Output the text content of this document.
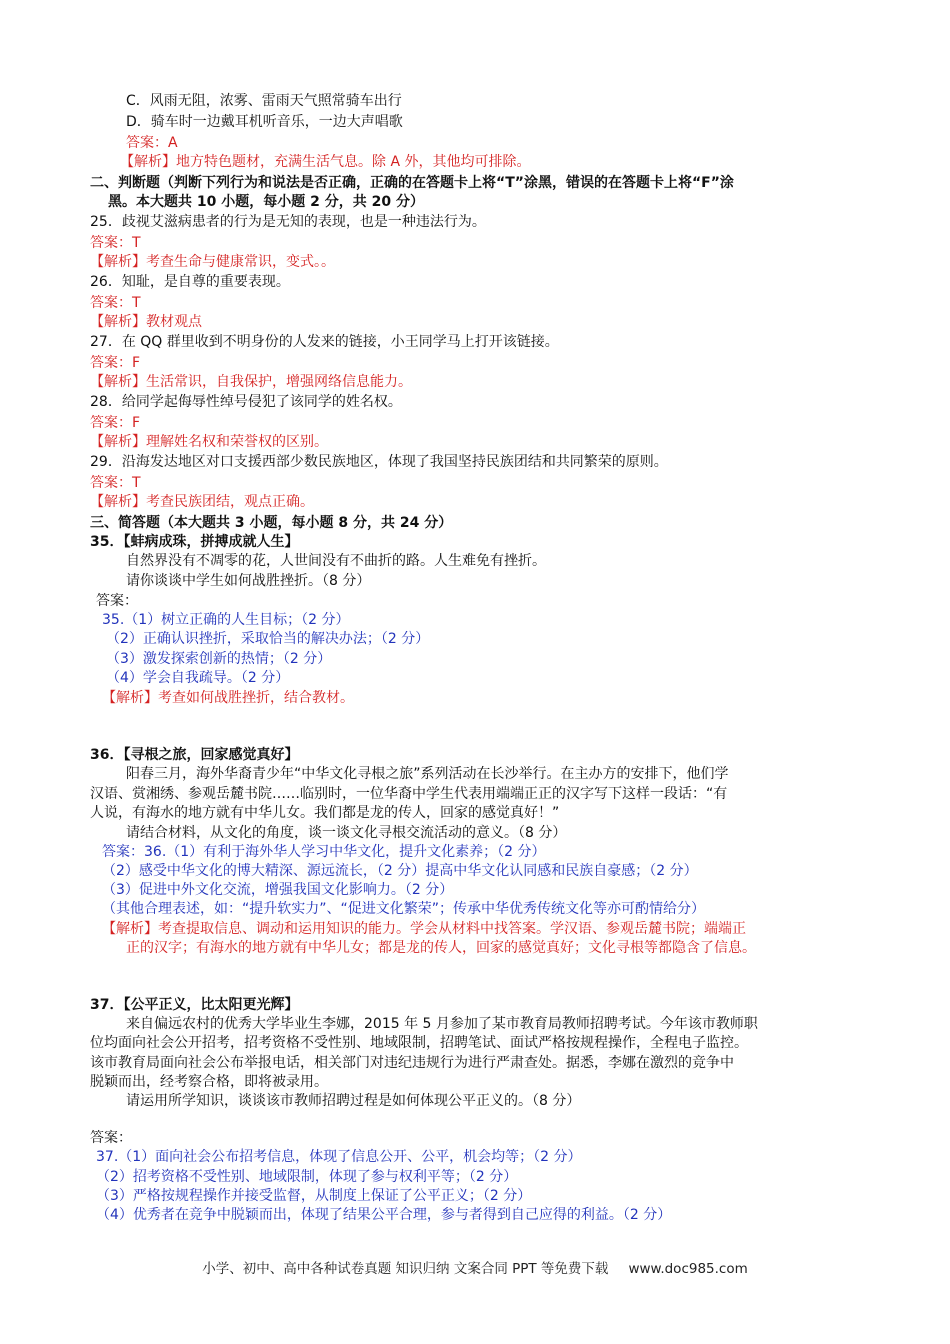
C．风雨无阻，浓雾、雷雨天气照常骑车出行
D．骑车时一边戴耳机听音乐，一边大声唱歌
答案：A
【解析】地方特色题材，充满生活气息。除 A 外，其他均可排除。
二、判断题（判断下列行为和说法是否正确，正确的在答题卡上将“T”涂黑，错误的在答题卡上将“F”涂
黑。本大题共 10 小题，每小题 2 分，共 20 分）
25．歧视艾滋病患者的行为是无知的表现，也是一种违法行为。
答案：T
【解析】考查生命与健康常识，变式。。
26．知耻，是自尊的重要表现。
答案：T
【解析】教材观点
27．在 QQ 群里收到不明身份的人发来的链接，小王同学马上打开该链接。
答案：F
【解析】生活常识，自我保护，增强网络信息能力。
28．给同学起侮辱性绰号侵犯了该同学的姓名权。
答案：F
【解析】理解姓名权和荣誉权的区别。
29．沿海发达地区对口支援西部少数民族地区，体现了我国坚持民族团结和共同繁荣的原则。
答案：T
【解析】考查民族团结，观点正确。
三、简答题（本大题共 3 小题，每小题 8 分，共 24 分）
35．【蚌病成珠，拼搏成就人生】
自然界没有不凋零的花，人世间没有不曲折的路。人生难免有挫折。
请你谈谈中学生如何战胜挫折。（8 分）
答案：
35.（1）树立正确的人生目标；（2 分）
（2）正确认识挫折，采取恰当的解决办法；（2 分）
（3）激发探索创新的热情；（2 分）
（4）学会自我疏导。（2 分）
【解析】考查如何战胜挫折，结合教材。
36．【寻根之旅，回家感觉真好】
阳春三月，海外华裔青少年“中华文化寻根之旅”系列活动在长沙举行。在主办方的安排下，他们学
汉语、赏湘绣、参观岳麓书院……临别时，一位华裔中学生代表用端端正正的汉字写下这样一段话：“有
人说，有海水的地方就有中华儿女。我们都是龙的传人，回家的感觉真好！”
请结合材料，从文化的角度，谈一谈文化寻根交流活动的意义。（8 分）
答案：36.（1）有利于海外华人学习中华文化，提升文化素养；（2 分）
（2）感受中华文化的博大精深、源远流长，（2 分）提高中华文化认同感和民族自豪感；（2 分）
（3）促进中外文化交流，增强我国文化影响力。（2 分）
（其他合理表述，如：“提升软实力”、“促进文化繁荣”；传承中华优秀传统文化等亦可酌情给分）
【解析】考查提取信息、调动和运用知识的能力。学会从材料中找答案。学汉语、参观岳麓书院；端端正
正的汉字；有海水的地方就有中华儿女；都是龙的传人，回家的感觉真好；文化寻根等都隐含了信息。
37．【公平正义，比太阳更光辉】
来自偏远农村的优秀大学毕业生李娜，2015 年 5 月参加了某市教育局教师招聘考试。今年该市教师职
位均面向社会公开招考，招考资格不受性别、地域限制，招聘笔试、面试严格按规程操作，全程电子监控。
该市教育局面向社会公布举报电话，相关部门对违纪违规行为进行严肃查处。据悉，李娜在激烈的竞争中
脱颖而出，经考察合格，即将被录用。
请运用所学知识，谈谈该市教师招聘过程是如何体现公平正义的。（8 分）
答案：
37.（1）面向社会公布招考信息，体现了信息公开、公平，机会均等；（2 分）
（2）招考资格不受性别、地域限制，体现了参与权利平等；（2 分）
（3）严格按规程操作并接受监督，从制度上保证了公平正义；（2 分）
（4）优秀者在竞争中脱颖而出，体现了结果公平合理，参与者得到自己应得的利益。（2 分）
小学、初中、高中各种试卷真题 知识归纳 文案合同 PPT 等免费下载 www.doc985.com
